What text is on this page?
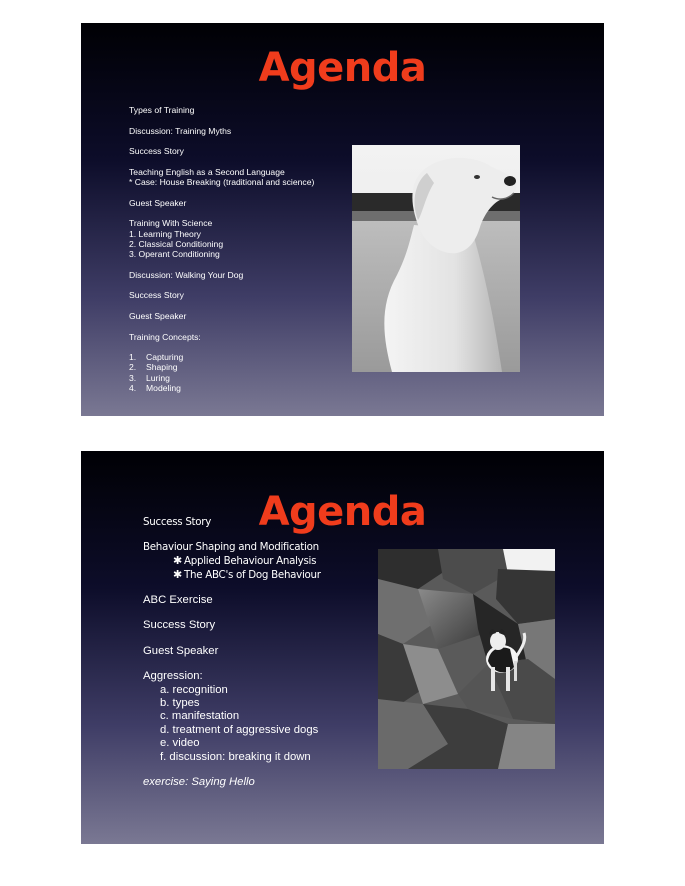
Agenda
Types of Training
Discussion: Training Myths
Success Story
Teaching English as a Second Language
* Case: House Breaking (traditional and science)
Guest Speaker
Training With Science
1. Learning Theory
2. Classical Conditioning
3. Operant Conditioning
Discussion: Walking Your Dog
Success Story
Guest Speaker
Training Concepts:
1. Capturing
2. Shaping
3. Luring
4. Modeling
Agenda
Success Story
Behaviour Shaping and Modification
✱ Applied Behaviour Analysis
✱ The ABC's of Dog Behaviour
ABC Exercise
Success Story
Guest Speaker
Aggression:
a. recognition
b. types
c. manifestation
d. treatment of aggressive dogs
e. video
f. discussion: breaking it down
exercise: Saying Hello
